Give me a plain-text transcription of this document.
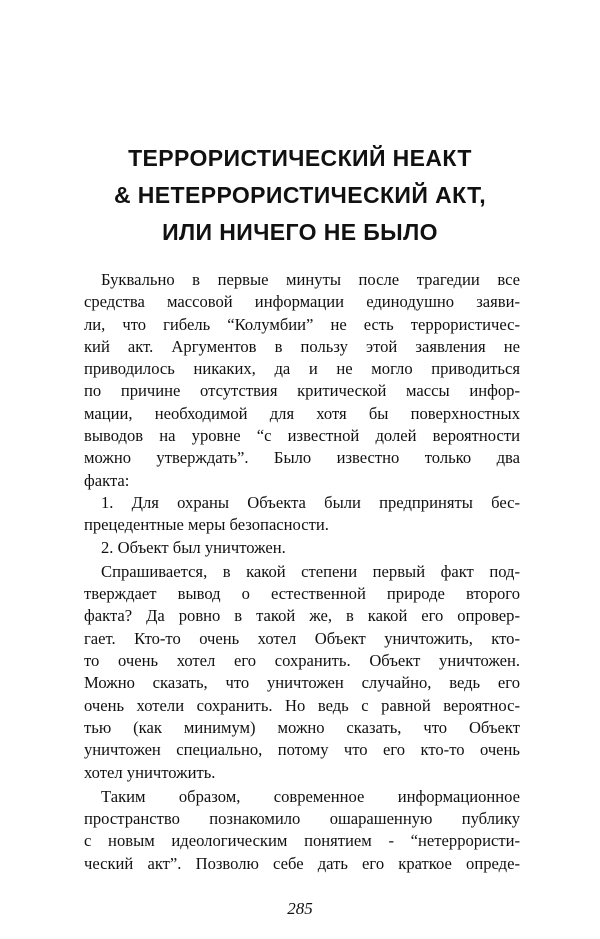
ТЕРРОРИСТИЧЕСКИЙ НЕАКТ
& НЕТЕРРОРИСТИЧЕСКИЙ АКТ,
ИЛИ НИЧЕГО НЕ БЫЛО
Буквально в первые минуты после трагедии все
средства массовой информации единодушно заяви-
ли, что гибель “Колумбии” не есть террористичес-
кий акт. Аргументов в пользу этой заявления не
приводилось никаких, да и не могло приводиться
по причине отсутствия критической массы инфор-
мации, необходимой для хотя бы поверхностных
выводов на уровне “с известной долей вероятности
можно утверждать”. Было известно только два
факта:
1. Для охраны Объекта были предприняты бес-
прецедентные меры безопасности.
2. Объект был уничтожен.
Спрашивается, в какой степени первый факт под-
тверждает вывод о естественной природе второго
факта? Да ровно в такой же, в какой его опровер-
гает. Кто-то очень хотел Объект уничтожить, кто-
то очень хотел его сохранить. Объект уничтожен.
Можно сказать, что уничтожен случайно, ведь его
очень хотели сохранить. Но ведь с равной вероятнос-
тью (как минимум) можно сказать, что Объект
уничтожен специально, потому что его кто-то очень
хотел уничтожить.
Таким образом, современное информационное
пространство познакомило ошарашенную публику
с новым идеологическим понятием - “нетеррористи-
ческий акт”. Позволю себе дать его краткое опреде-

285
